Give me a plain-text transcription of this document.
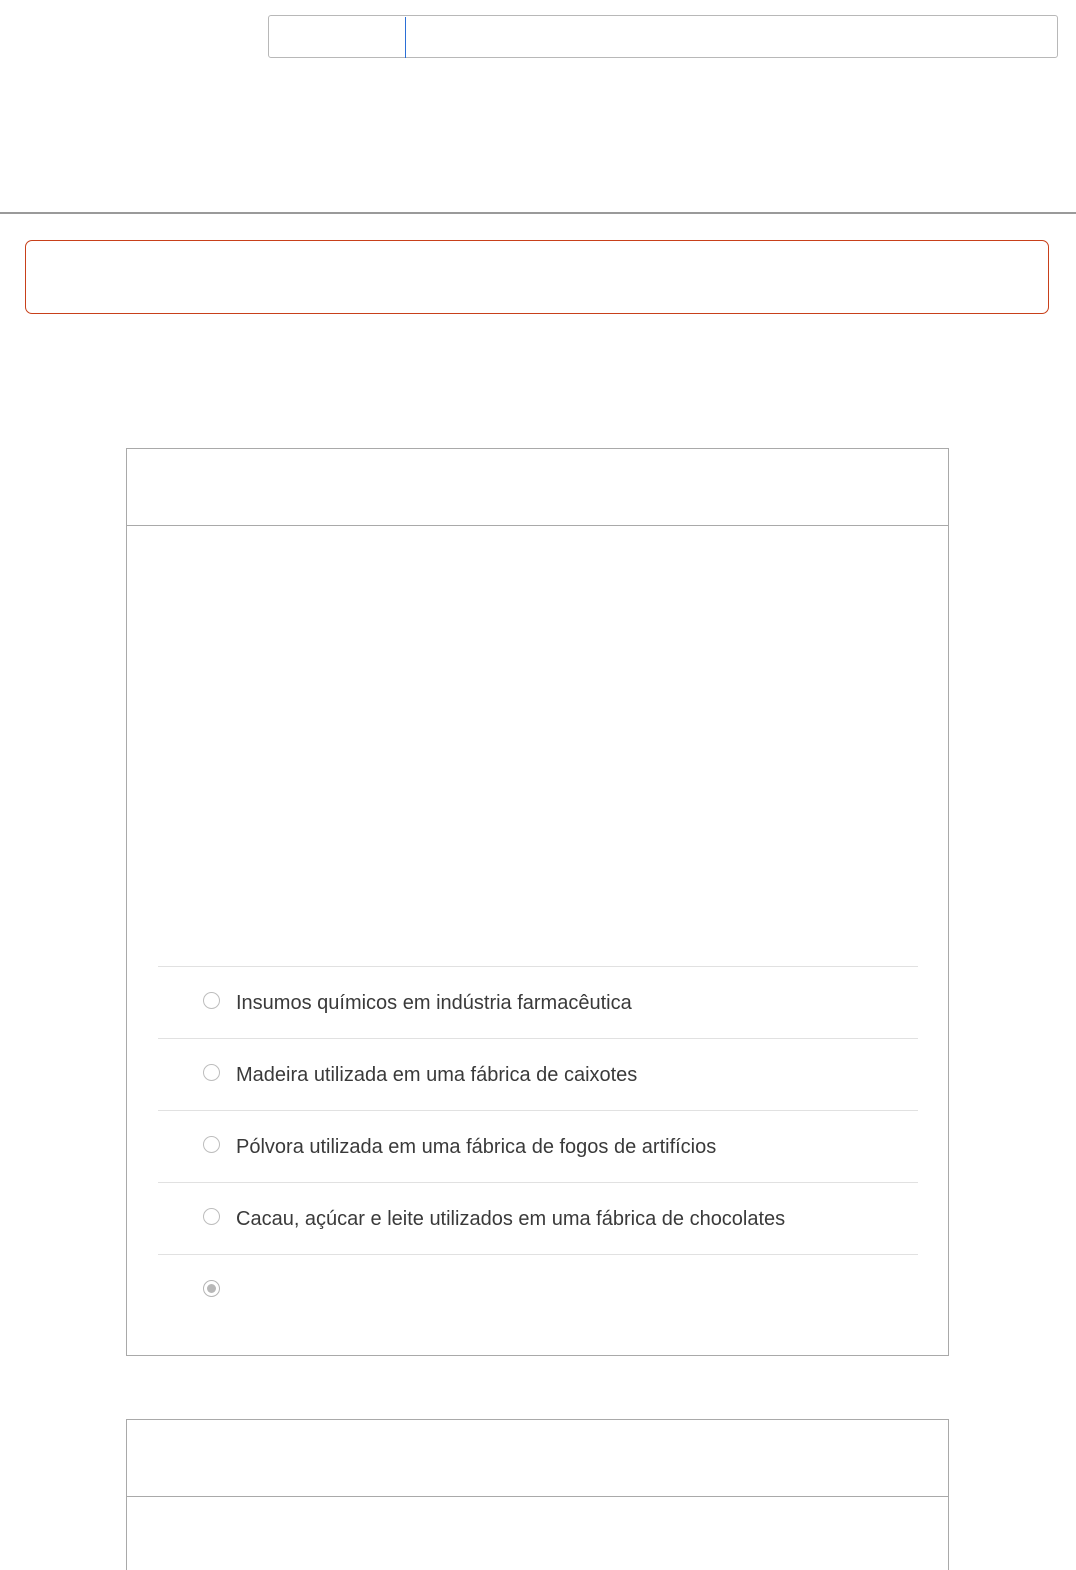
Insumos químicos em indústria farmacêutica
Madeira utilizada em uma fábrica de caixotes
Pólvora utilizada em uma fábrica de fogos de artifícios
Cacau, açúcar e leite utilizados em uma fábrica de chocolates
